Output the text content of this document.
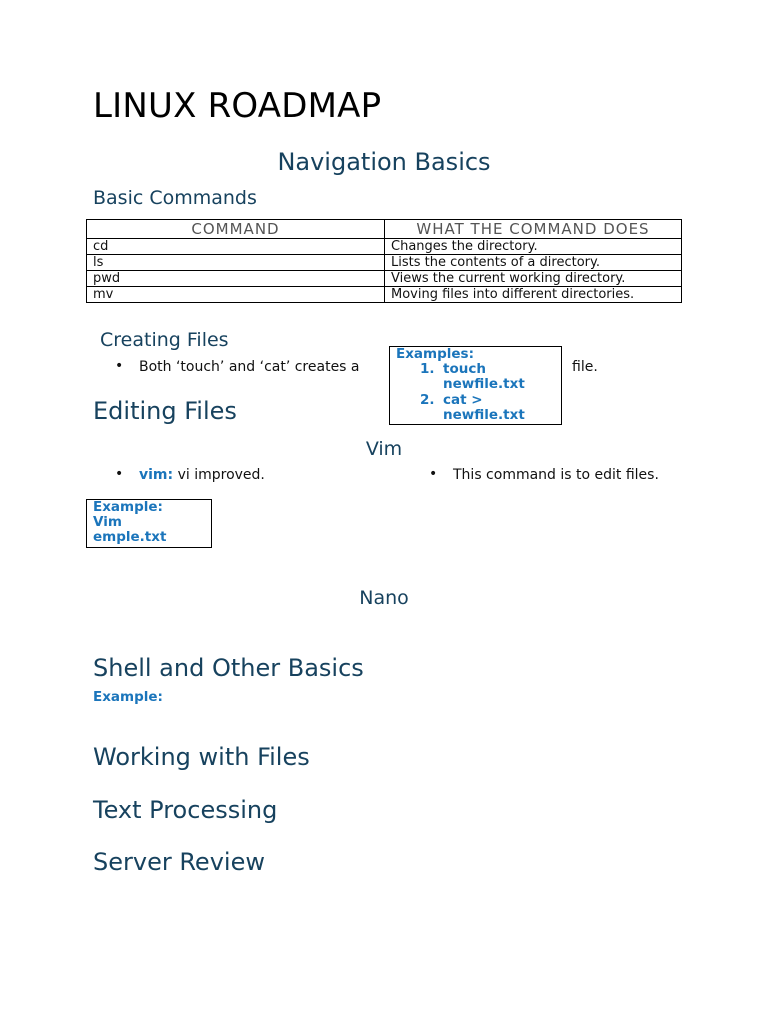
LINUX ROADMAP
Navigation Basics
Basic Commands
COMMAND	WHAT THE COMMAND DOES
cd	Changes the directory.
ls	Lists the contents of a directory.
pwd	Views the current working directory.
mv	Moving files into different directories.
Creating Files
• Both ‘touch’ and ‘cat’ creates a	file.
Examples:
1. touch
newfile.txt
2. cat >
newfile.txt
Editing Files
Vim
• vim: vi improved.	• This command is to edit files.
Example:
Vim
emple.txt
Nano
Shell and Other Basics
Example:
Working with Files
Text Processing
Server Review
